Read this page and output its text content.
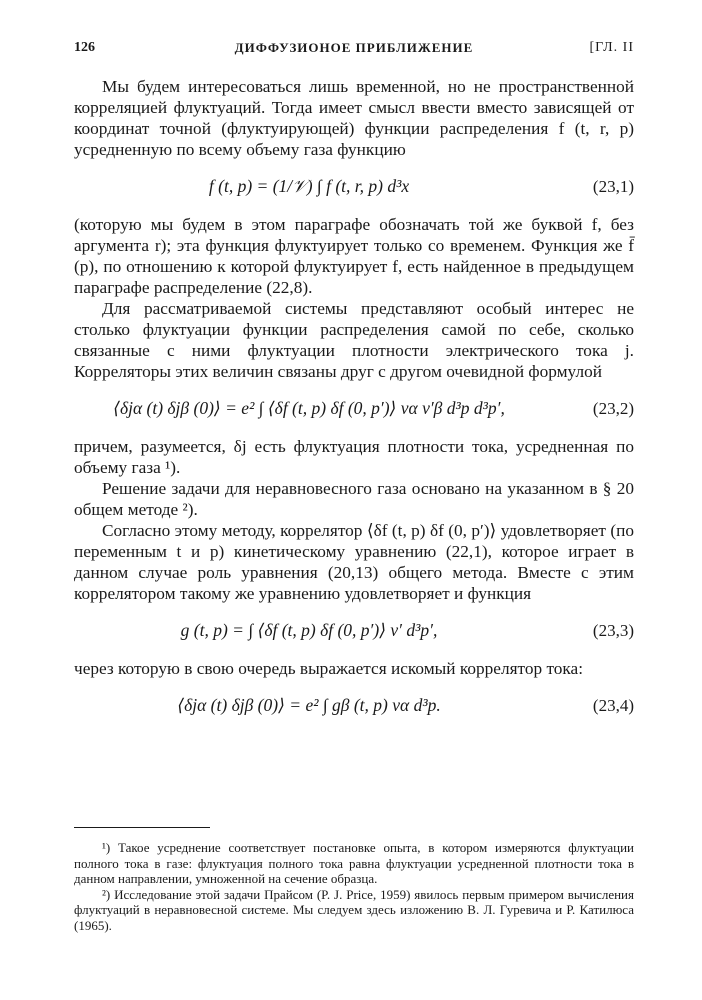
126	ДИФФУЗИОНОЕ ПРИБЛИЖЕНИЕ	[ГЛ. II

Мы будем интересоваться лишь временной, но не пространственной корреляцией флуктуаций. Тогда имеет смысл ввести вместо зависящей от координат точной (флуктуирующей) функции распределения f (t, r, p) усредненную по всему объему газа функцию

f (t, p) = (1/𝒱) ∫ f (t, r, p) d³x	(23,1)

(которую мы будем в этом параграфе обозначать той же буквой f, без аргумента r); эта функция флуктуирует только со временем. Функция же f̄ (p), по отношению к которой флуктуирует f, есть найденное в предыдущем параграфе распределение (22,8).

Для рассматриваемой системы представляют особый интерес не столько флуктуации функции распределения самой по себе, сколько связанные с ними флуктуации плотности электрического тока j. Корреляторы этих величин связаны друг с другом очевидной формулой

⟨δjα (t) δjβ (0)⟩ = e² ∫ ⟨δf (t, p) δf (0, p′)⟩ vα v′β d³p d³p′,	(23,2)

причем, разумеется, δj есть флуктуация плотности тока, усредненная по объему газа ¹).

Решение задачи для неравновесного газа основано на указанном в § 20 общем методе ²).

Согласно этому методу, коррелятор ⟨δf (t, p) δf (0, p′)⟩ удовлетворяет (по переменным t и p) кинетическому уравнению (22,1), которое играет в данном случае роль уравнения (20,13) общего метода. Вместе с этим коррелятором такому же уравнению удовлетворяет и функция

g (t, p) = ∫ ⟨δf (t, p) δf (0, p′)⟩ v′ d³p′,	(23,3)

через которую в свою очередь выражается искомый коррелятор тока:

⟨δjα (t) δjβ (0)⟩ = e² ∫ gβ (t, p) vα d³p.	(23,4)

¹) Такое усреднение соответствует постановке опыта, в котором измеряются флуктуации полного тока в газе: флуктуация полного тока равна флуктуации усредненной плотности тока в данном направлении, умноженной на сечение образца.

²) Исследование этой задачи Прайсом (P. J. Price, 1959) явилось первым примером вычисления флуктуаций в неравновесной системе. Мы следуем здесь изложению В. Л. Гуревича и Р. Катилюса (1965).
